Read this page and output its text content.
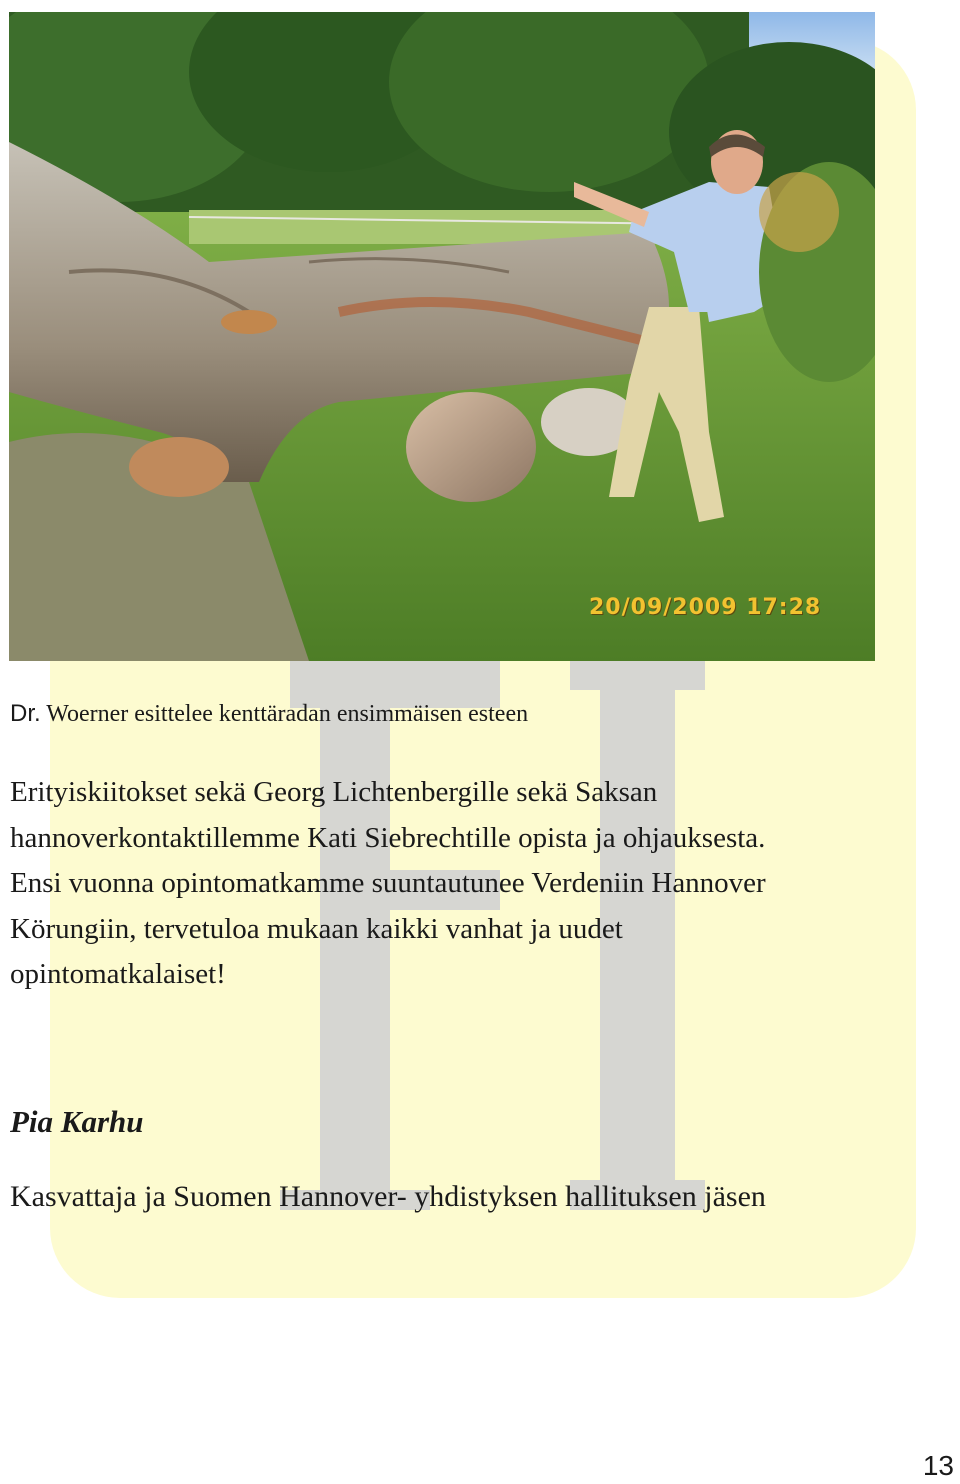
20/09/2009 17:28
Dr. Woerner esittelee kenttäradan ensimmäisen esteen
Erityiskiitokset sekä Georg Lichtenbergille sekä Saksan
hannoverkontaktillemme Kati Siebrechtille opista ja ohjauksesta.
Ensi vuonna opintomatkamme suuntautunee Verdeniin Hannover
Körungiin, tervetuloa mukaan kaikki vanhat ja uudet
opintomatkalaiset!
Pia Karhu
Kasvattaja ja Suomen Hannover- yhdistyksen hallituksen jäsen
13
